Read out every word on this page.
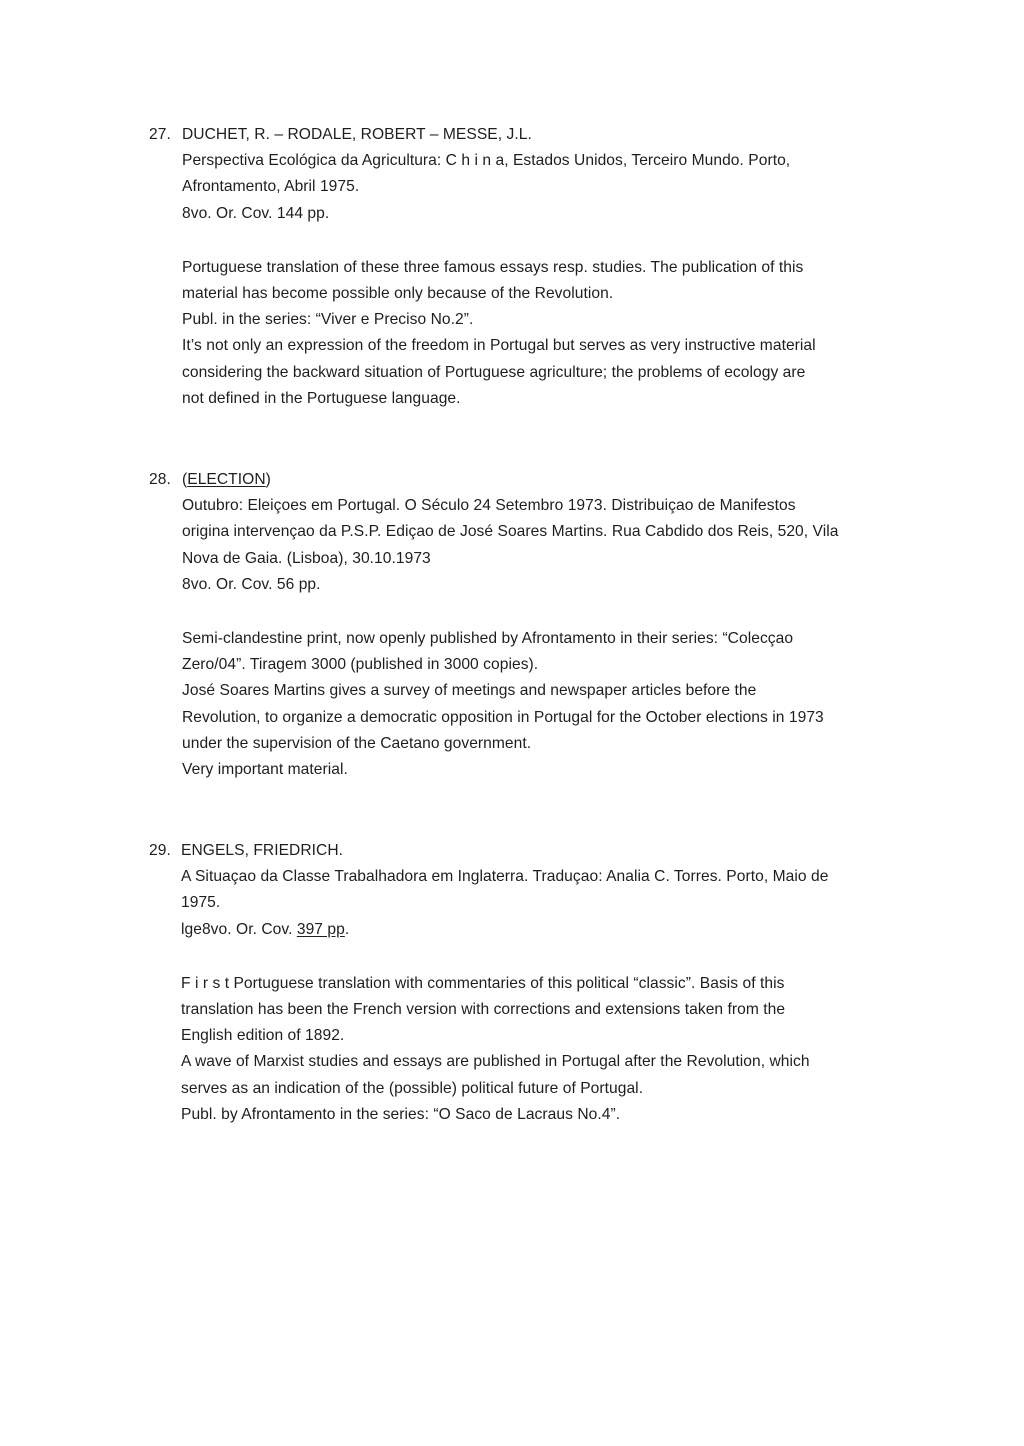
27. DUCHET, R. – RODALE, ROBERT – MESSE, J.L.
Perspectiva Ecológica da Agricultura: C h i n a, Estados Unidos, Terceiro Mundo. Porto,
Afrontamento, Abril 1975.
8vo. Or. Cov. 144 pp.
Portuguese translation of these three famous essays resp. studies. The publication of this
material has become possible only because of the Revolution.
Publ. in the series: “Viver e Preciso No.2”.
It’s not only an expression of the freedom in Portugal but serves as very instructive material
considering the backward situation of Portuguese agriculture; the problems of ecology are
not defined in the Portuguese language.
28. (ELECTION)
Outubro: Eleiçoes em Portugal. O Século 24 Setembro 1973. Distribuiçao de Manifestos
origina intervençao da P.S.P. Ediçao de José Soares Martins. Rua Cabdido dos Reis, 520, Vila
Nova de Gaia. (Lisboa), 30.10.1973
8vo. Or. Cov. 56 pp.
Semi-clandestine print, now openly published by Afrontamento in their series: “Colecçao
Zero/04”. Tiragem 3000 (published in 3000 copies).
José Soares Martins gives a survey of meetings and newspaper articles before the
Revolution, to organize a democratic opposition in Portugal for the October elections in 1973
under the supervision of the Caetano government.
Very important material.
29. ENGELS, FRIEDRICH.
A Situaçao da Classe Trabalhadora em Inglaterra. Traduçao: Analia C. Torres. Porto, Maio de
1975.
lge8vo. Or. Cov. 397 pp.
F i r s t Portuguese translation with commentaries of this political “classic”. Basis of this
translation has been the French version with corrections and extensions taken from the
English edition of 1892.
A wave of Marxist studies and essays are published in Portugal after the Revolution, which
serves as an indication of the (possible) political future of Portugal.
Publ. by Afrontamento in the series: “O Saco de Lacraus No.4”.
